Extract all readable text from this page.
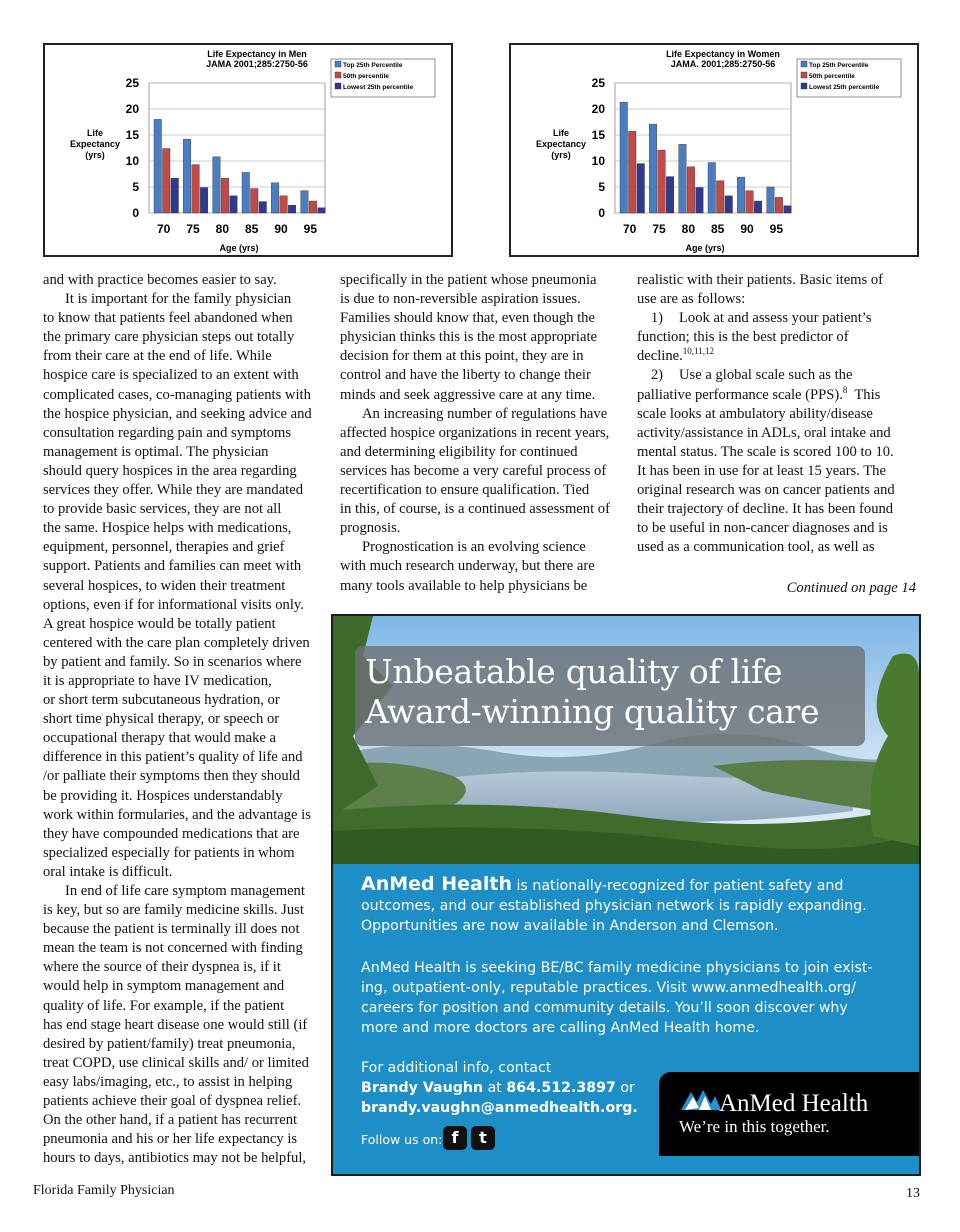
Life Expectancy in Men
JAMA 2001;285:2750-56
0
5
10
15
20
25
Life
Expectancy
(yrs)
70 75 80 85 90 95
Age (yrs)
Top 25th Percentile
50th percentile
Lowest 25th percentile
Life Expectancy in Women
JAMA. 2001;285:2750-56
0
5
10
15
20
25
Life
Expectancy
(yrs)
70 75 80 85 90 95
Age (yrs)
Top 25th Percentile
50th percentile
Lowest 25th percentile

and with practice becomes easier to say.

It is important for the family physician

to know that patients feel abandoned when

the primary care physician steps out totally

from their care at the end of life. While

hospice care is specialized to an extent with

complicated cases, co-managing patients with

the hospice physician, and seeking advice and

consultation regarding pain and symptoms

management is optimal. The physician

should query hospices in the area regarding

services they offer. While they are mandated

to provide basic services, they are not all

the same. Hospice helps with medications,

equipment, personnel, therapies and grief

support. Patients and families can meet with

several hospices, to widen their treatment

options, even if for informational visits only.

A great hospice would be totally patient

centered with the care plan completely driven

by patient and family. So in scenarios where

it is appropriate to have IV medication,

or short term subcutaneous hydration, or

short time physical therapy, or speech or

occupational therapy that would make a

difference in this patient’s quality of life and

/or palliate their symptoms then they should

be providing it. Hospices understandably

work within formularies, and the advantage is

they have compounded medications that are

specialized especially for patients in whom

oral intake is difficult.

In end of life care symptom management

is key, but so are family medicine skills. Just

because the patient is terminally ill does not

mean the team is not concerned with finding

where the source of their dyspnea is, if it

would help in symptom management and

quality of life. For example, if the patient

has end stage heart disease one would still (if

desired by patient/family) treat pneumonia,

treat COPD, use clinical skills and/ or limited

easy labs/imaging, etc., to assist in helping

patients achieve their goal of dyspnea relief.

On the other hand, if a patient has recurrent

pneumonia and his or her life expectancy is

hours to days, antibiotics may not be helpful,

specifically in the patient whose pneumonia

is due to non-reversible aspiration issues.

Families should know that, even though the

physician thinks this is the most appropriate

decision for them at this point, they are in

control and have the liberty to change their

minds and seek aggressive care at any time.

An increasing number of regulations have

affected hospice organizations in recent years,

and determining eligibility for continued

services has become a very careful process of

recertification to ensure qualification. Tied

in this, of course, is a continued assessment of

prognosis.

Prognostication is an evolving science

with much research underway, but there are

many tools available to help physicians be

realistic with their patients. Basic items of

use are as follows:

1) Look at and assess your patient’s

function; this is the best predictor of

decline.$^{10,11,12}$

2) Use a global scale such as the

palliative performance scale (PPS).$^8$  This

scale looks at ambulatory ability/disease

activity/assistance in ADLs, oral intake and

mental status. The scale is scored 100 to 10.

It has been in use for at least 15 years. The

original research was on cancer patients and

their trajectory of decline. It has been found

to be useful in non-cancer diagnoses and is

used as a communication tool, as well as

Continued on page 14
Unbeatable quality of life
Award-winning quality care
AnMed Health is nationally-recognized for patient safety and
outcomes, and our established physician network is rapidly expanding.
Opportunities are now available in Anderson and Clemson.
AnMed Health is seeking BE/BC family medicine physicians to join exist-
ing, outpatient-only, reputable practices. Visit www.anmedhealth.org/
careers for position and community details. You’ll soon discover why
more and more doctors are calling AnMed Health home.
For additional info, contact
Brandy Vaughn at 864.512.3897 or
brandy.vaughn@anmedhealth.org.
Follow us on: f	t
AnMed Health
We’re in this together.
Florida Family Physician	13
